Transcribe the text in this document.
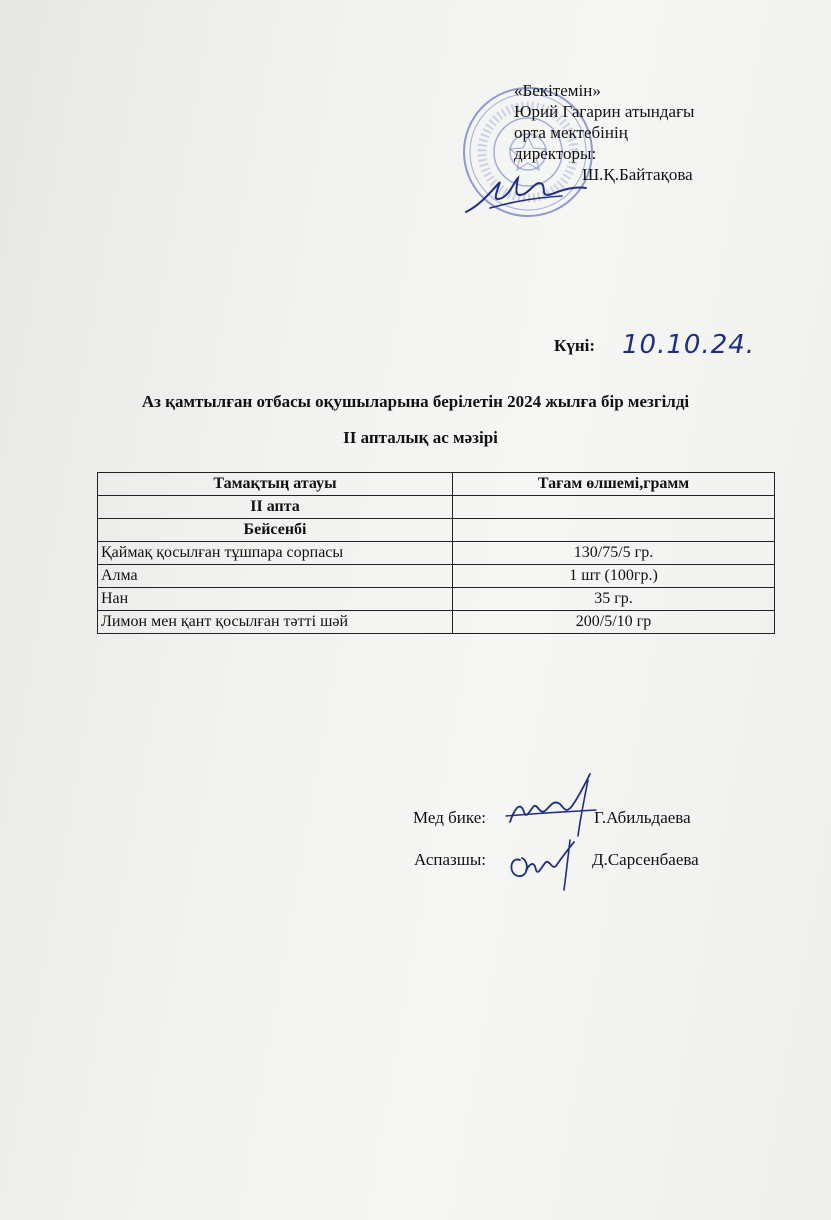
«Бекітемін»
Юрий Гагарин атындағы
орта мектебінің
директоры:
Ш.Қ.Байтақова
Күні: 10.10.24.
Аз қамтылған отбасы оқушыларына берілетін 2024 жылға бір мезгілді
II апталық ас мәзірі
Тамақтың атауы	Тағам өлшемі,грамм
II апта	
Бейсенбі	
Қаймақ қосылған тұшпара сорпасы	130/75/5 гр.
Алма	1 шт (100гр.)
Нан	35 гр.
Лимон мен қант қосылған тәтті шәй	200/5/10 гр
Мед бике:	Г.Абильдаева
Аспазшы:	Д.Сарсенбаева
